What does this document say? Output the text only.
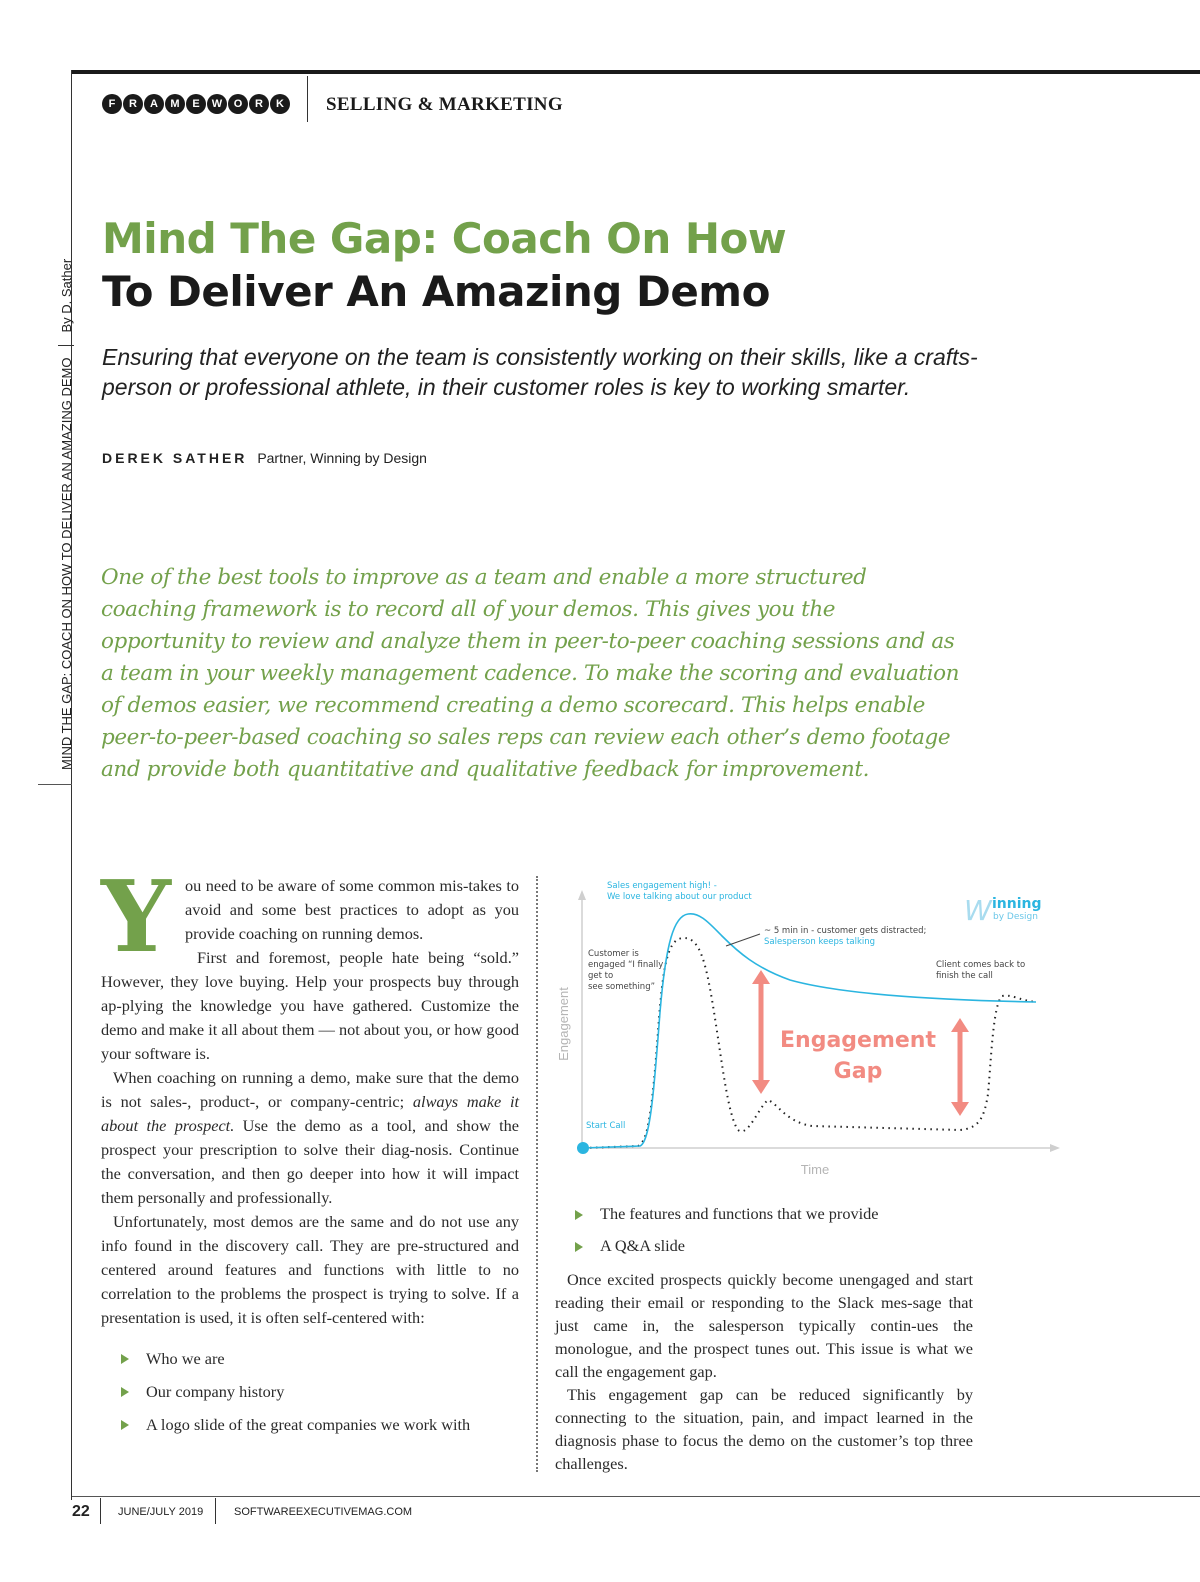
F	R	A	M	E	W	O	R	K	SELLING & MARKETING
MIND THE GAP: COACH ON HOW TO DELIVER AN AMAZING DEMO
By D. Sather
Mind The Gap: Coach On How
To Deliver An Amazing Demo
Ensuring that everyone on the team is consistently working on their skills, like a crafts-person or professional athlete, in their customer roles is key to working smarter.
DEREK SATHER Partner, Winning by Design
One of the best tools to improve as a team and enable a more structured coaching framework is to record all of your demos. This gives you the opportunity to review and analyze them in peer-to-peer coaching sessions and as a team in your weekly management cadence. To make the scoring and evaluation of demos easier, we recommend creating a demo scorecard. This helps enable peer-to-peer-based coaching so sales reps can review each other’s demo footage and provide both quantitative and qualitative feedback for improvement.

Y ou need to be aware of some common mis-takes to avoid and some best practices to adopt as you provide coaching on running demos.

First and foremost, people hate being “sold.” However, they love buying. Help your prospects buy through ap-plying the knowledge you have gathered. Customize the demo and make it all about them — not about you, or how good your software is.

When coaching on running a demo, make sure that the demo is not sales-, product-, or company-centric; always make it about the prospect. Use the demo as a tool, and show the prospect your prescription to solve their diag-nosis. Continue the conversation, and then go deeper into how it will impact them personally and professionally.

Unfortunately, most demos are the same and do not use any info found in the discovery call. They are pre-structured and centered around features and functions with little to no correlation to the problems the prospect is trying to solve. If a presentation is used, it is often self-centered with:

Who we are
Our company history
A logo slide of the great companies we work with
Engagement
Time
Engagement
Gap
Sales engagement high! - We love talking about our product
Customer is
engaged “I finally
get to
see something”
~ 5 min in - customer gets distracted;
Salesperson keeps talking
Client comes back to
finish the call
Start Call
W inning
by Design
The features and functions that we provide
A Q&A slide

Once excited prospects quickly become unengaged and start reading their email or responding to the Slack mes-sage that just came in, the salesperson typically contin-ues the monologue, and the prospect tunes out. This issue is what we call the engagement gap.

This engagement gap can be reduced significantly by connecting to the situation, pain, and impact learned in the diagnosis phase to focus the demo on the customer’s top three challenges.

22	JUNE/JULY 2019	SOFTWAREEXECUTIVEMAG.COM
